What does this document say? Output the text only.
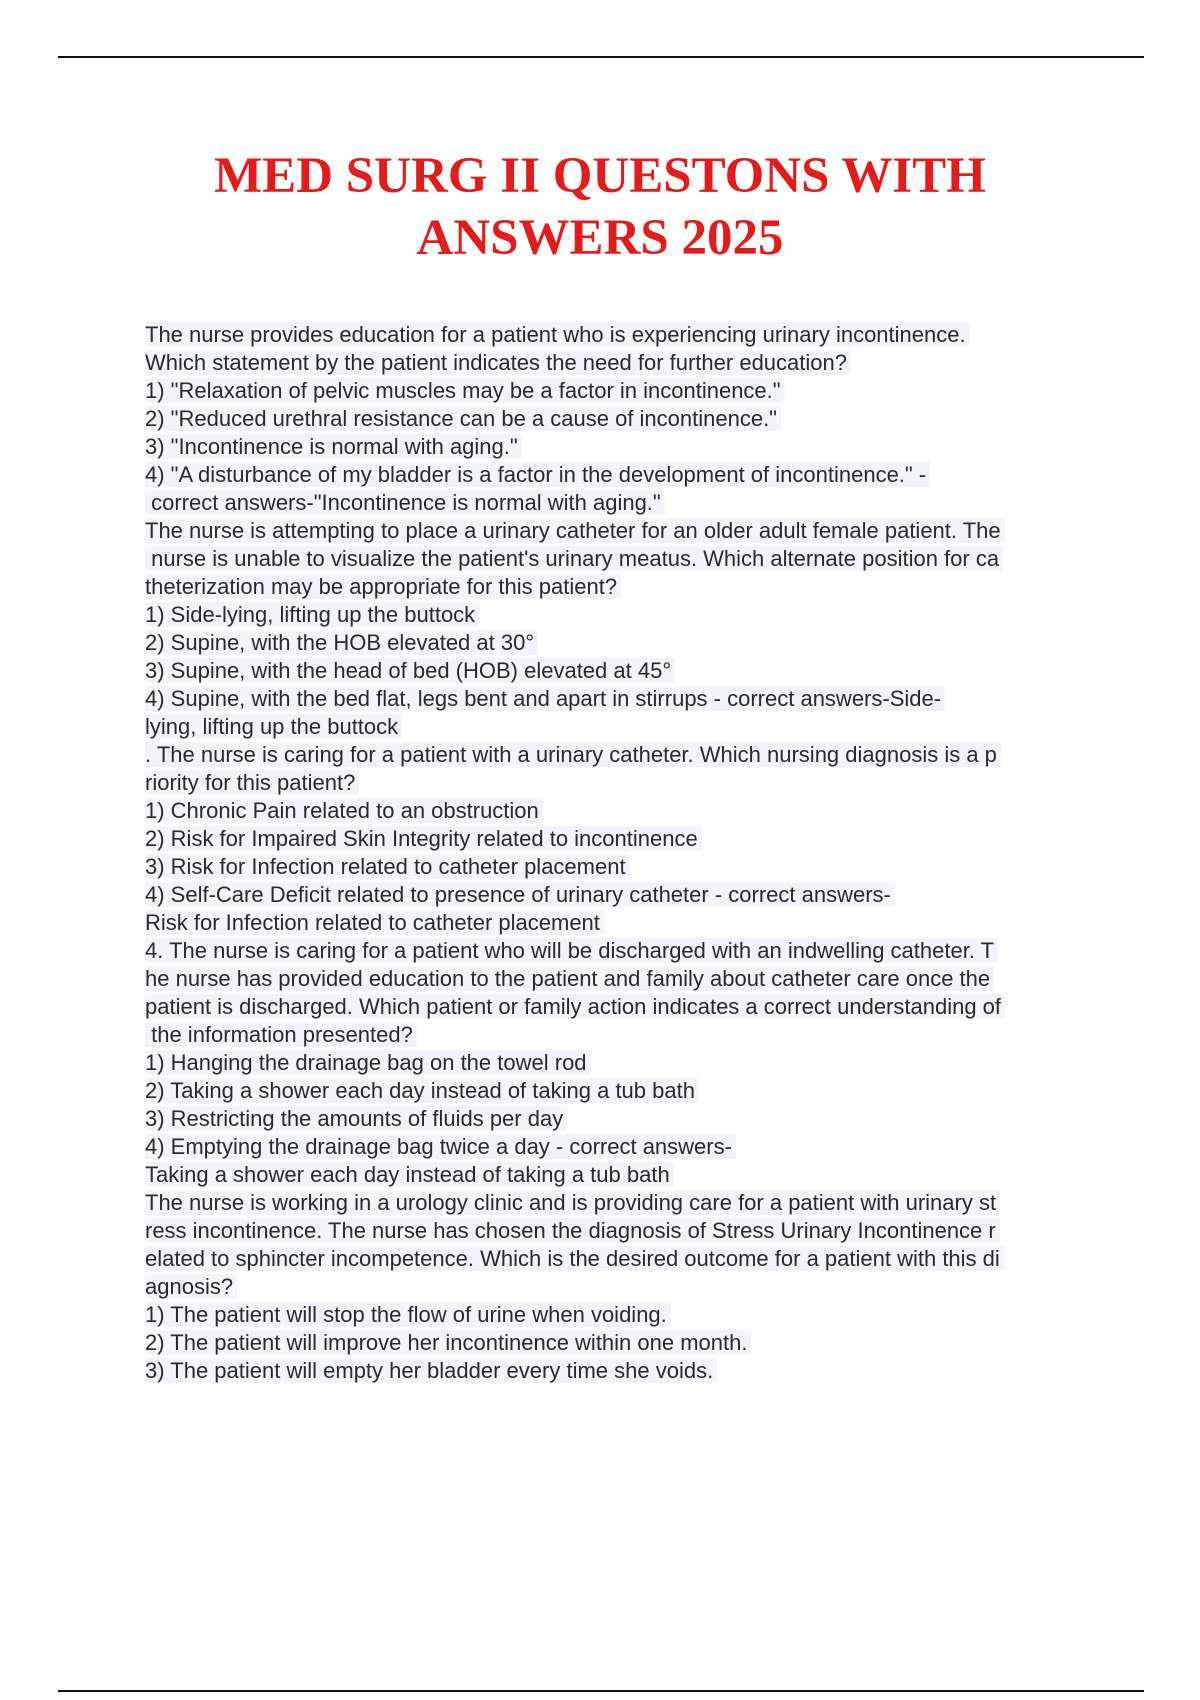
MED SURG II QUESTONS WITH
ANSWERS 2025
The nurse provides education for a patient who is experiencing urinary incontinence.
Which statement by the patient indicates the need for further education?
1) "Relaxation of pelvic muscles may be a factor in incontinence."
2) "Reduced urethral resistance can be a cause of incontinence."
3) "Incontinence is normal with aging."
4) "A disturbance of my bladder is a factor in the development of incontinence." -
correct answers-"Incontinence is normal with aging."
The nurse is attempting to place a urinary catheter for an older adult female patient. The
nurse is unable to visualize the patient's urinary meatus. Which alternate position for ca
theterization may be appropriate for this patient?
1) Side-lying, lifting up the buttock
2) Supine, with the HOB elevated at 30°
3) Supine, with the head of bed (HOB) elevated at 45°
4) Supine, with the bed flat, legs bent and apart in stirrups - correct answers-Side-
lying, lifting up the buttock
. The nurse is caring for a patient with a urinary catheter. Which nursing diagnosis is a p
riority for this patient?
1) Chronic Pain related to an obstruction
2) Risk for Impaired Skin Integrity related to incontinence
3) Risk for Infection related to catheter placement
4) Self-Care Deficit related to presence of urinary catheter - correct answers-
Risk for Infection related to catheter placement
4. The nurse is caring for a patient who will be discharged with an indwelling catheter. T
he nurse has provided education to the patient and family about catheter care once the
patient is discharged. Which patient or family action indicates a correct understanding of
the information presented?
1) Hanging the drainage bag on the towel rod
2) Taking a shower each day instead of taking a tub bath
3) Restricting the amounts of fluids per day
4) Emptying the drainage bag twice a day - correct answers-
Taking a shower each day instead of taking a tub bath
The nurse is working in a urology clinic and is providing care for a patient with urinary st
ress incontinence. The nurse has chosen the diagnosis of Stress Urinary Incontinence r
elated to sphincter incompetence. Which is the desired outcome for a patient with this di
agnosis?
1) The patient will stop the flow of urine when voiding.
2) The patient will improve her incontinence within one month.
3) The patient will empty her bladder every time she voids.
